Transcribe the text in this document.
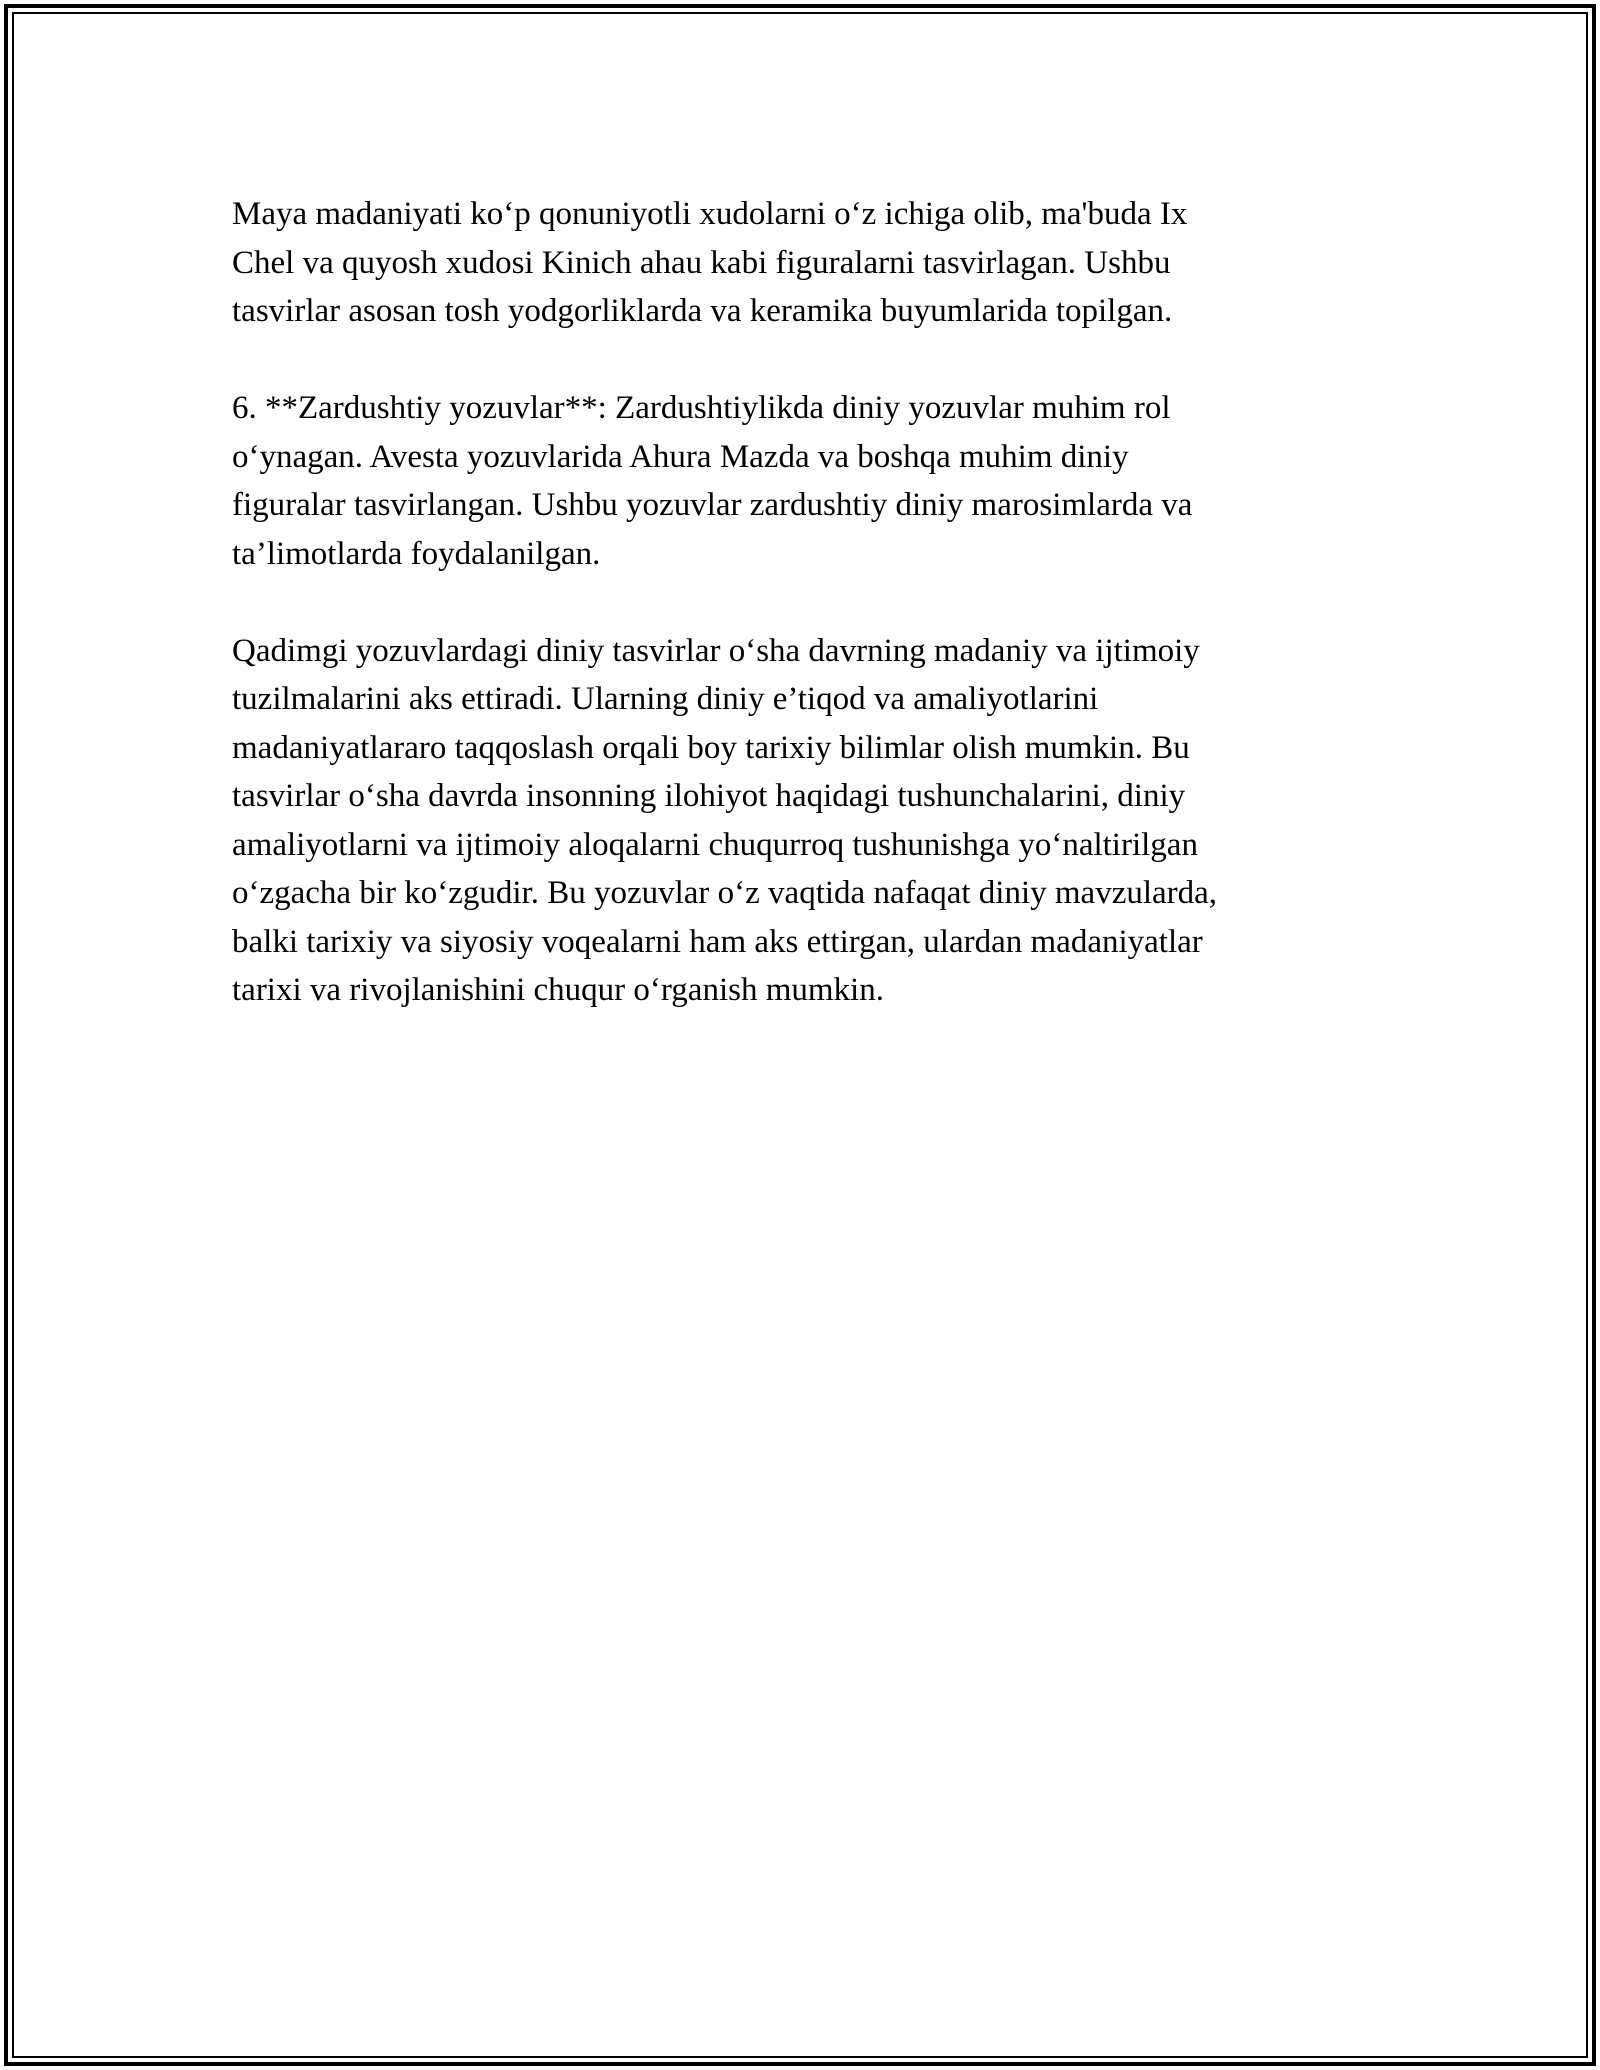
Maya madaniyati ko‘p qonuniyotli xudolarni o‘z ichiga olib, ma'buda Ix
Chel va quyosh xudosi Kinich ahau kabi figuralarni tasvirlagan. Ushbu
tasvirlar asosan tosh yodgorliklarda va keramika buyumlarida topilgan.

6. **Zardushtiy yozuvlar**: Zardushtiylikda diniy yozuvlar muhim rol
o‘ynagan. Avesta yozuvlarida Ahura Mazda va boshqa muhim diniy
figuralar tasvirlangan. Ushbu yozuvlar zardushtiy diniy marosimlarda va
ta’limotlarda foydalanilgan.

Qadimgi yozuvlardagi diniy tasvirlar o‘sha davrning madaniy va ijtimoiy
tuzilmalarini aks ettiradi. Ularning diniy e’tiqod va amaliyotlarini
madaniyatlararo taqqoslash orqali boy tarixiy bilimlar olish mumkin. Bu
tasvirlar o‘sha davrda insonning ilohiyot haqidagi tushunchalarini, diniy
amaliyotlarni va ijtimoiy aloqalarni chuqurroq tushunishga yo‘naltirilgan
o‘zgacha bir ko‘zgudir. Bu yozuvlar o‘z vaqtida nafaqat diniy mavzularda,
balki tarixiy va siyosiy voqealarni ham aks ettirgan, ulardan madaniyatlar
tarixi va rivojlanishini chuqur o‘rganish mumkin.
